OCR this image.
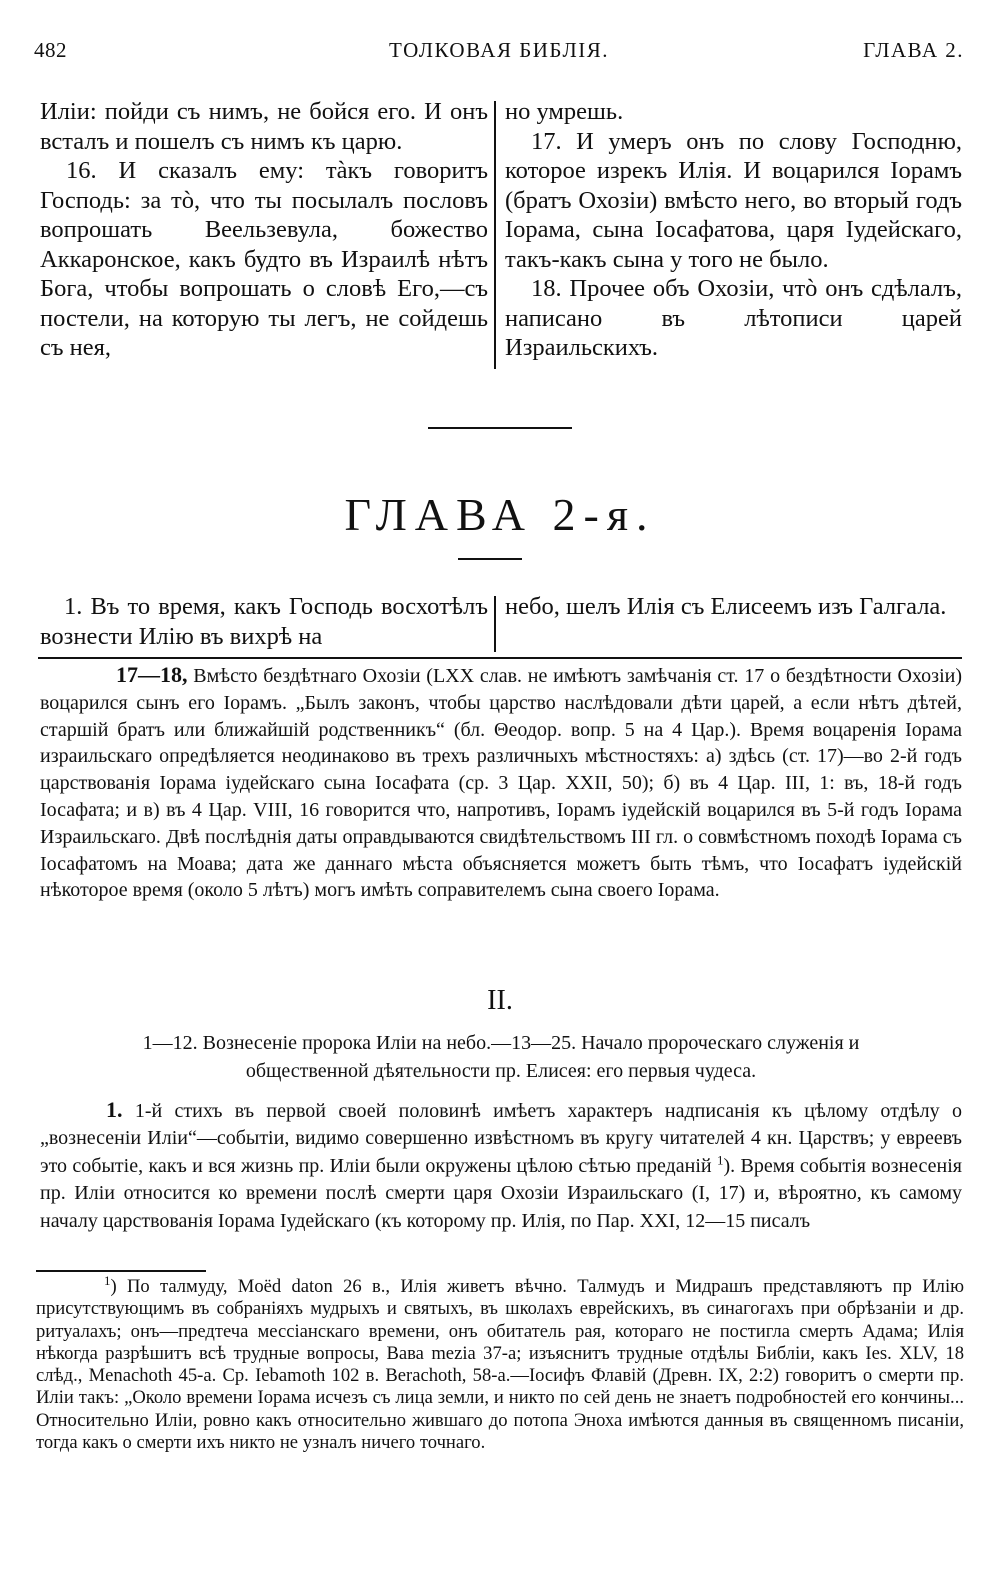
482	ТОЛКОВАЯ БИБЛІЯ.	ГЛАВА 2.

Иліи: пойди съ нимъ, не бойся его. И онъ всталъ и пошелъ съ нимъ къ царю.

16. И сказалъ ему: тàкъ говоритъ Господь: за тò, что ты посылалъ пословъ вопрошать Веельзевула, божество Аккаронское, какъ будто въ Израилѣ нѣтъ Бога, чтобы вопрошать о словѣ Его,—съ постели, на которую ты легъ, не сойдешь съ нея,

но умрешь.

17. И умеръ онъ по слову Господню, которое изрекъ Илія. И воцарился Іорамъ (братъ Охозіи) вмѣсто него, во вторый годъ Іорама, сына Іосафатова, царя Іудейскаго, такъ-какъ сына у того не было.

18. Прочее объ Охозіи, чтò онъ сдѣлалъ, написано въ лѣтописи царей Израильскихъ.

ГЛАВА 2-я.

1. Въ то время, какъ Господь восхотѣлъ вознести Илію въ вихрѣ на

небо, шелъ Илія съ Елисеемъ изъ Галгала.

17—18, Вмѣсто бездѣтнаго Охозіи (LXX слав. не имѣютъ замѣчанія ст. 17 о бездѣтности Охозіи) воцарился сынъ его Іорамъ. „Былъ законъ, чтобы царство наслѣдовали дѣти царей, а если нѣтъ дѣтей, старшій братъ или ближайшій родственникъ“ (бл. Θеодор. вопр. 5 на 4 Цар.). Время воцаренія Іорама израильскаго опредѣляется неодинаково въ трехъ различныхъ мѣстностяхъ: а) здѣсь (ст. 17)—во 2-й годъ царствованія Іорама іудейскаго сына Іосафата (ср. 3 Цар. XXII, 50); б) въ 4 Цар. III, 1: въ, 18-й годъ Іосафата; и в) въ 4 Цар. VIII, 16 говорится что, напротивъ, Іорамъ іудейскій воцарился въ 5-й годъ Іорама Израильскаго. Двѣ послѣднія даты оправдываются свидѣтельствомъ III гл. о совмѣстномъ походѣ Іорама съ Іосафатомъ на Моава; дата же даннаго мѣста объясняется можетъ быть тѣмъ, что Іосафатъ іудейскій нѣкоторое время (около 5 лѣтъ) могъ имѣть соправителемъ сына своего Іорама.

II.
1—12. Вознесеніе пророка Иліи на небо.—13—25. Начало пророческаго служенія и
общественной дѣятельности пр. Елисея: его первыя чудеса.

1. 1-й стихъ въ первой своей половинѣ имѣетъ характеръ надписанія къ цѣлому отдѣлу о „вознесеніи Иліи“—событіи, видимо совершенно извѣстномъ въ кругу читателей 4 кн. Царствъ; у евреевъ это событіе, какъ и вся жизнь пр. Иліи были окружены цѣлою сѣтью преданій $^1$). Время событія вознесенія пр. Иліи относится ко времени послѣ смерти царя Охозіи Израильскаго (I, 17) и, вѣроятно, къ самому началу царствованія Іорама Іудейскаго (къ которому пр. Илія, по Пар. XXI, 12—15 писалъ

$^1$) По талмуду, Moëd daton 26 в., Илія живетъ вѣчно. Талмудъ и Мидрашъ представляютъ пр Илію присутствующимъ въ собраніяхъ мудрыхъ и святыхъ, въ школахъ еврейскихъ, въ синагогахъ при обрѣзаніи и др. ритуалахъ; онъ—предтеча мессіанскаго времени, онъ обитатель рая, котораго не постигла смерть Адама; Илія нѣкогда разрѣшитъ всѣ трудные вопросы, Вава mezia 37-а; изъяснитъ трудные отдѣлы Библіи, какъ Іes. XLV, 18 слѣд., Menachoth 45-a. Ср. Iebamoth 102 в. Berachoth, 58-а.—Іосифъ Флавій (Древн. IX, 2:2) говоритъ о смерти пр. Иліи такъ: „Около времени Іорама исчезъ съ лица земли, и никто по сей день не знаетъ подробностей его кончины... Относительно Иліи, ровно какъ относительно жившаго до потопа Эноха имѣются данныя въ священномъ писаніи, тогда какъ о смерти ихъ никто не узналъ ничего точнаго.
